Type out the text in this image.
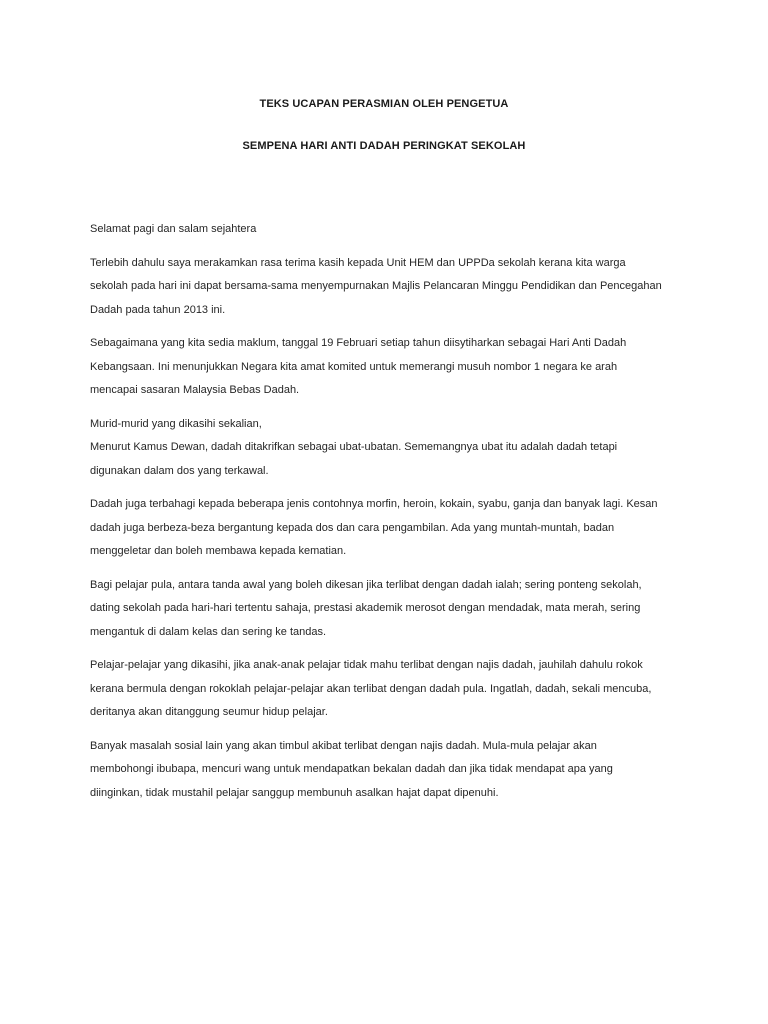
TEKS UCAPAN PERASMIAN OLEH PENGETUA

SEMPENA HARI ANTI DADAH PERINGKAT SEKOLAH

Selamat pagi dan salam sejahtera

Terlebih dahulu saya merakamkan rasa terima kasih kepada Unit HEM dan UPPDa sekolah kerana kita warga
sekolah pada hari ini dapat bersama-sama menyempurnakan Majlis Pelancaran Minggu Pendidikan dan Pencegahan
Dadah pada tahun 2013 ini.

Sebagaimana yang kita sedia maklum, tanggal 19 Februari setiap tahun diisytiharkan sebagai Hari Anti Dadah
Kebangsaan. Ini menunjukkan Negara kita amat komited untuk memerangi musuh nombor 1 negara ke arah
mencapai sasaran Malaysia Bebas Dadah.

Murid-murid yang dikasihi sekalian,
Menurut Kamus Dewan, dadah ditakrifkan sebagai ubat-ubatan. Sememangnya ubat itu adalah dadah tetapi
digunakan dalam dos yang terkawal.

Dadah juga terbahagi kepada beberapa jenis contohnya morfin, heroin, kokain, syabu, ganja dan banyak lagi. Kesan
dadah juga berbeza-beza bergantung kepada dos dan cara pengambilan. Ada yang muntah-muntah, badan
menggeletar dan boleh membawa kepada kematian.

Bagi pelajar pula, antara tanda awal yang boleh dikesan jika terlibat dengan dadah ialah; sering ponteng sekolah,
dating sekolah pada hari-hari tertentu sahaja, prestasi akademik merosot dengan mendadak, mata merah, sering
mengantuk di dalam kelas dan sering ke tandas.

Pelajar-pelajar yang dikasihi, jika anak-anak pelajar tidak mahu terlibat dengan najis dadah, jauhilah dahulu rokok
kerana bermula dengan rokoklah pelajar-pelajar akan terlibat dengan dadah pula. Ingatlah, dadah, sekali mencuba,
deritanya akan ditanggung seumur hidup pelajar.

Banyak masalah sosial lain yang akan timbul akibat terlibat dengan najis dadah. Mula-mula pelajar akan
membohongi ibubapa, mencuri wang untuk mendapatkan bekalan dadah dan jika tidak mendapat apa yang
diinginkan, tidak mustahil pelajar sanggup membunuh asalkan hajat dapat dipenuhi.
